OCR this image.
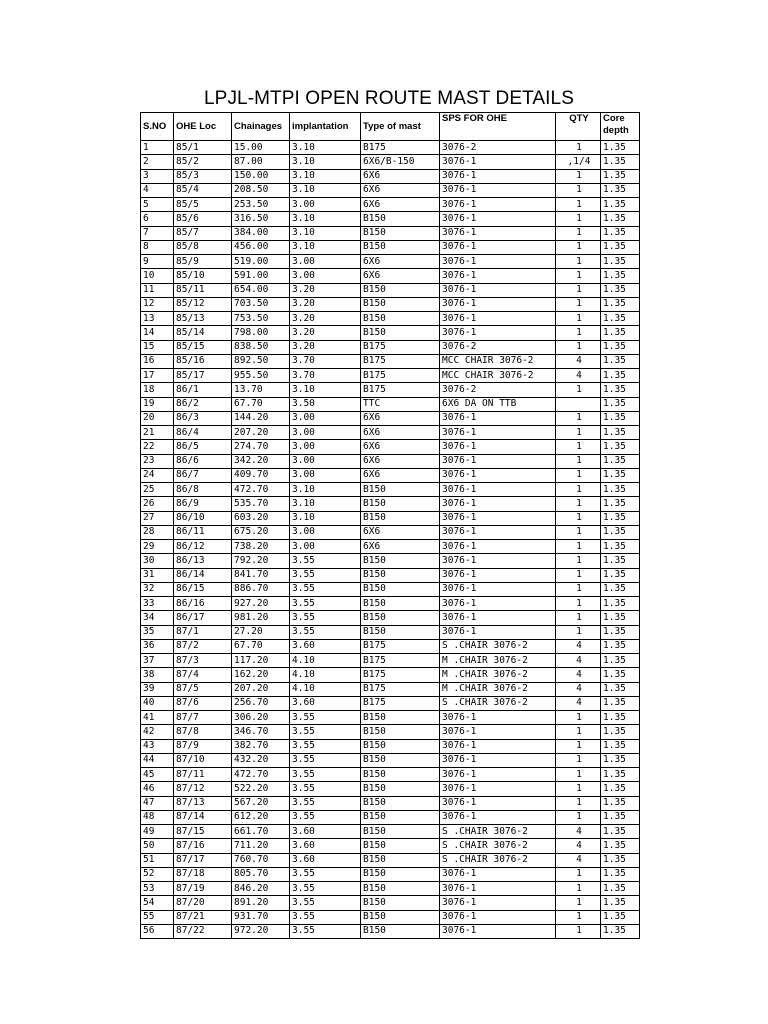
LPJL-MTPI OPEN ROUTE MAST DETAILS
S.NO	OHE Loc	Chainages	implantation	Type of mast	SPS FOR OHE	QTY	Core
depth
1	85/1	15.00	3.10	B175	3076-2	1	1.35
2	85/2	87.00	3.10	6X6/B-150	3076-1	,1/4	1.35
3	85/3	150.00	3.10	6X6	3076-1	1	1.35
4	85/4	208.50	3.10	6X6	3076-1	1	1.35
5	85/5	253.50	3.00	6X6	3076-1	1	1.35
6	85/6	316.50	3.10	B150	3076-1	1	1.35
7	85/7	384.00	3.10	B150	3076-1	1	1.35
8	85/8	456.00	3.10	B150	3076-1	1	1.35
9	85/9	519.00	3.00	6X6	3076-1	1	1.35
10	85/10	591.00	3.00	6X6	3076-1	1	1.35
11	85/11	654.00	3.20	B150	3076-1	1	1.35
12	85/12	703.50	3.20	B150	3076-1	1	1.35
13	85/13	753.50	3.20	B150	3076-1	1	1.35
14	85/14	798.00	3.20	B150	3076-1	1	1.35
15	85/15	838.50	3.20	B175	3076-2	1	1.35
16	85/16	892.50	3.70	B175	MCC CHAIR 3076-2	4	1.35
17	85/17	955.50	3.70	B175	MCC CHAIR 3076-2	4	1.35
18	86/1	13.70	3.10	B175	3076-2	1	1.35
19	86/2	67.70	3.50	TTC	6X6 DA ON TTB		1.35
20	86/3	144.20	3.00	6X6	3076-1	1	1.35
21	86/4	207.20	3.00	6X6	3076-1	1	1.35
22	86/5	274.70	3.00	6X6	3076-1	1	1.35
23	86/6	342.20	3.00	6X6	3076-1	1	1.35
24	86/7	409.70	3.00	6X6	3076-1	1	1.35
25	86/8	472.70	3.10	B150	3076-1	1	1.35
26	86/9	535.70	3.10	B150	3076-1	1	1.35
27	86/10	603.20	3.10	B150	3076-1	1	1.35
28	86/11	675.20	3.00	6X6	3076-1	1	1.35
29	86/12	738.20	3.00	6X6	3076-1	1	1.35
30	86/13	792.20	3.55	B150	3076-1	1	1.35
31	86/14	841.70	3.55	B150	3076-1	1	1.35
32	86/15	886.70	3.55	B150	3076-1	1	1.35
33	86/16	927.20	3.55	B150	3076-1	1	1.35
34	86/17	981.20	3.55	B150	3076-1	1	1.35
35	87/1	27.20	3.55	B150	3076-1	1	1.35
36	87/2	67.70	3.60	B175	S .CHAIR 3076-2	4	1.35
37	87/3	117.20	4.10	B175	M .CHAIR 3076-2	4	1.35
38	87/4	162.20	4.10	B175	M .CHAIR 3076-2	4	1.35
39	87/5	207.20	4.10	B175	M .CHAIR 3076-2	4	1.35
40	87/6	256.70	3.60	B175	S .CHAIR 3076-2	4	1.35
41	87/7	306.20	3.55	B150	3076-1	1	1.35
42	87/8	346.70	3.55	B150	3076-1	1	1.35
43	87/9	382.70	3.55	B150	3076-1	1	1.35
44	87/10	432.20	3.55	B150	3076-1	1	1.35
45	87/11	472.70	3.55	B150	3076-1	1	1.35
46	87/12	522.20	3.55	B150	3076-1	1	1.35
47	87/13	567.20	3.55	B150	3076-1	1	1.35
48	87/14	612.20	3.55	B150	3076-1	1	1.35
49	87/15	661.70	3.60	B150	S .CHAIR 3076-2	4	1.35
50	87/16	711.20	3.60	B150	S .CHAIR 3076-2	4	1.35
51	87/17	760.70	3.60	B150	S .CHAIR 3076-2	4	1.35
52	87/18	805.70	3.55	B150	3076-1	1	1.35
53	87/19	846.20	3.55	B150	3076-1	1	1.35
54	87/20	891.20	3.55	B150	3076-1	1	1.35
55	87/21	931.70	3.55	B150	3076-1	1	1.35
56	87/22	972.20	3.55	B150	3076-1	1	1.35
